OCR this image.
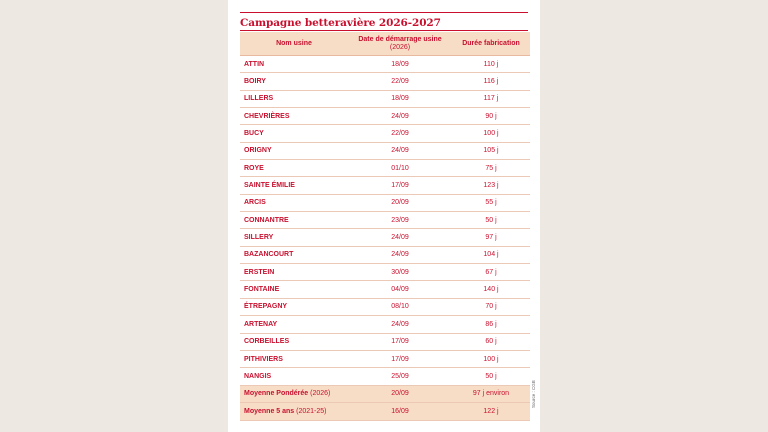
Campagne betteravière 2026-2027
Nom usine	Date de démarrage usine (2026)	Durée fabrication
ATTIN	18/09	110 j
BOIRY	22/09	116 j
LILLERS	18/09	117 j
CHEVRIÈRES	24/09	90 j
BUCY	22/09	100 j
ORIGNY	24/09	105 j
ROYE	01/10	75 j
SAINTE ÉMILIE	17/09	123 j
ARCIS	20/09	55 j
CONNANTRE	23/09	50 j
SILLERY	24/09	97 j
BAZANCOURT	24/09	104 j
ERSTEIN	30/09	67 j
FONTAINE	04/09	140 j
ÉTREPAGNY	08/10	70 j
ARTENAY	24/09	86 j
CORBEILLES	17/09	60 j
PITHIVIERS	17/09	100 j
NANGIS	25/09	50 j
Moyenne Pondérée (2026)	20/09	97 j environ
Moyenne 5 ans (2021-25)	16/09	122 j
Source : CGB
